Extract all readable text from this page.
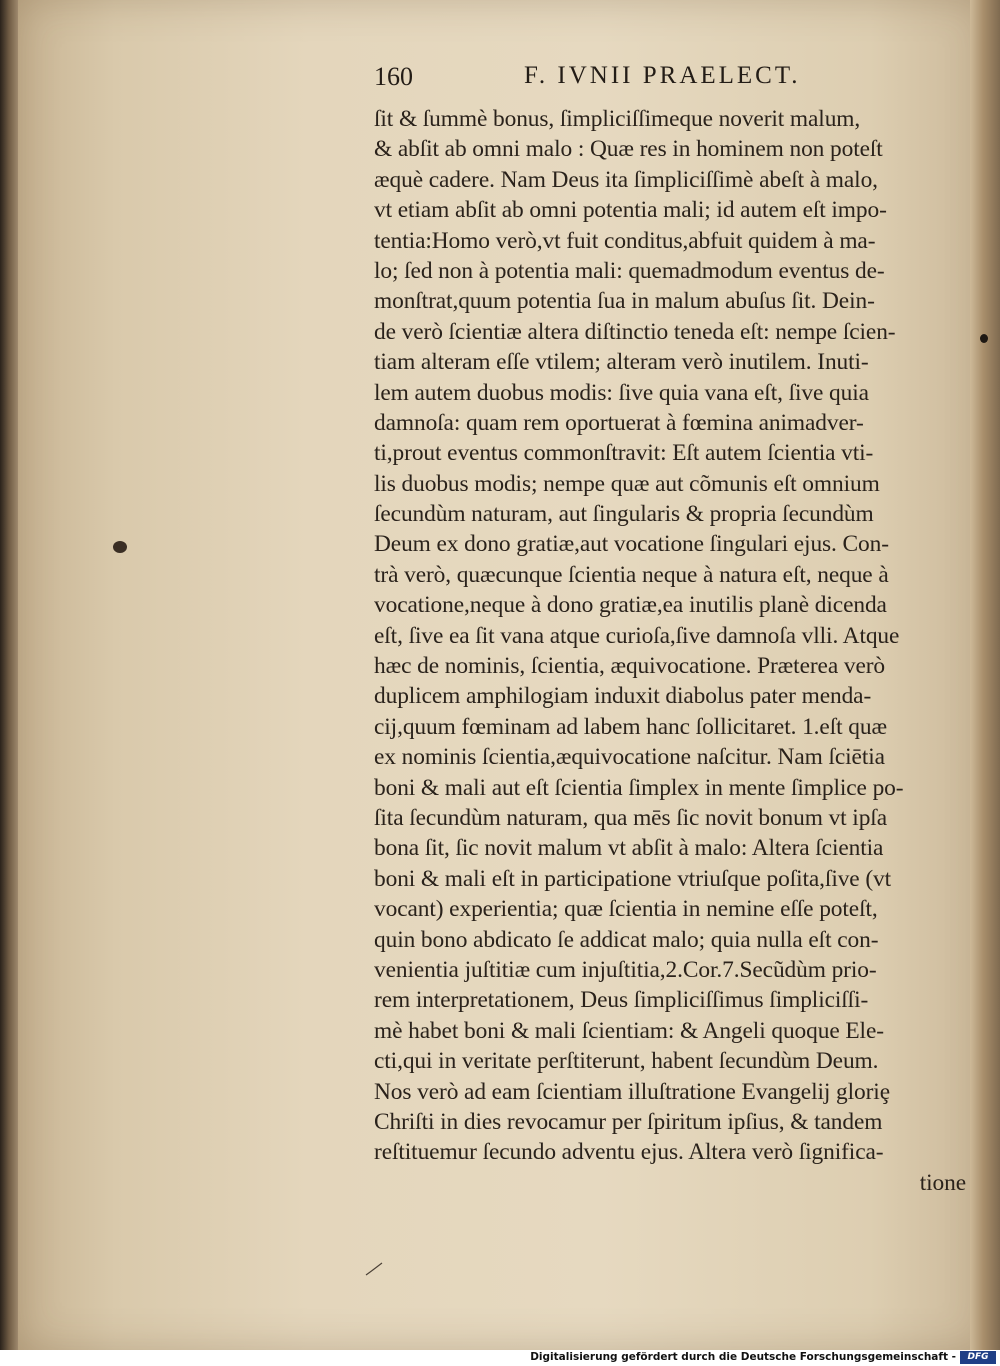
160	F. IVNII PRAELECT.
ſit & ſummè bonus, ſimpliciſſimeque noverit malum,
& abſit ab omni malo : Quæ res in hominem non poteſt
æquè cadere. Nam Deus ita ſimpliciſſimè abeſt à malo,
vt etiam abſit ab omni potentia mali; id autem eſt impo-
tentia:Homo verò,vt fuit conditus,abfuit quidem à ma-
lo; ſed non à potentia mali: quemadmodum eventus de-
monſtrat,quum potentia ſua in malum abuſus ſit. Dein-
de verò ſcientiæ altera diſtinctio teneda eſt: nempe ſcien-
tiam alteram eſſe vtilem; alteram verò inutilem. Inuti-
lem autem duobus modis: ſive quia vana eſt, ſive quia
damnoſa: quam rem oportuerat à fœmina animadver-
ti,prout eventus commonſtravit: Eſt autem ſcientia vti-
lis duobus modis; nempe quæ aut cõmunis eſt omnium
ſecundùm naturam, aut ſingularis & propria ſecundùm
Deum ex dono gratiæ,aut vocatione ſingulari ejus. Con-
trà verò, quæcunque ſcientia neque à natura eſt, neque à
vocatione,neque à dono gratiæ,ea inutilis planè dicenda
eſt, ſive ea ſit vana atque curioſa,ſive damnoſa vlli. Atque
hæc de nominis, ſcientia, æquivocatione. Præterea verò
duplicem amphilogiam induxit diabolus pater menda-
cij,quum fœminam ad labem hanc ſollicitaret. 1.eſt quæ
ex nominis ſcientia,æquivocatione naſcitur. Nam ſciētia
boni & mali aut eſt ſcientia ſimplex in mente ſimplice po-
ſita ſecundùm naturam, qua mēs ſic novit bonum vt ipſa
bona ſit, ſic novit malum vt abſit à malo: Altera ſcientia
boni & mali eſt in participatione vtriuſque poſita,ſive (vt
vocant) experientia; quæ ſcientia in nemine eſſe poteſt,
quin bono abdicato ſe addicat malo; quia nulla eſt con-
venientia juſtitiæ cum injuſtitia,2.Cor.7.Secũdùm prio-
rem interpretationem, Deus ſimpliciſſimus ſimpliciſſi-
mè habet boni & mali ſcientiam: & Angeli quoque Ele-
cti,qui in veritate perſtiterunt, habent ſecundùm Deum.
Nos verò ad eam ſcientiam illuſtratione Evangelij gloriȩ
Chriſti in dies revocamur per ſpiritum ipſius, & tandem
reſtituemur ſecundo adventu ejus. Altera verò ſignifica-
tione
Digitalisierung gefördert durch die Deutsche Forschungsgemeinschaft -	DFG
